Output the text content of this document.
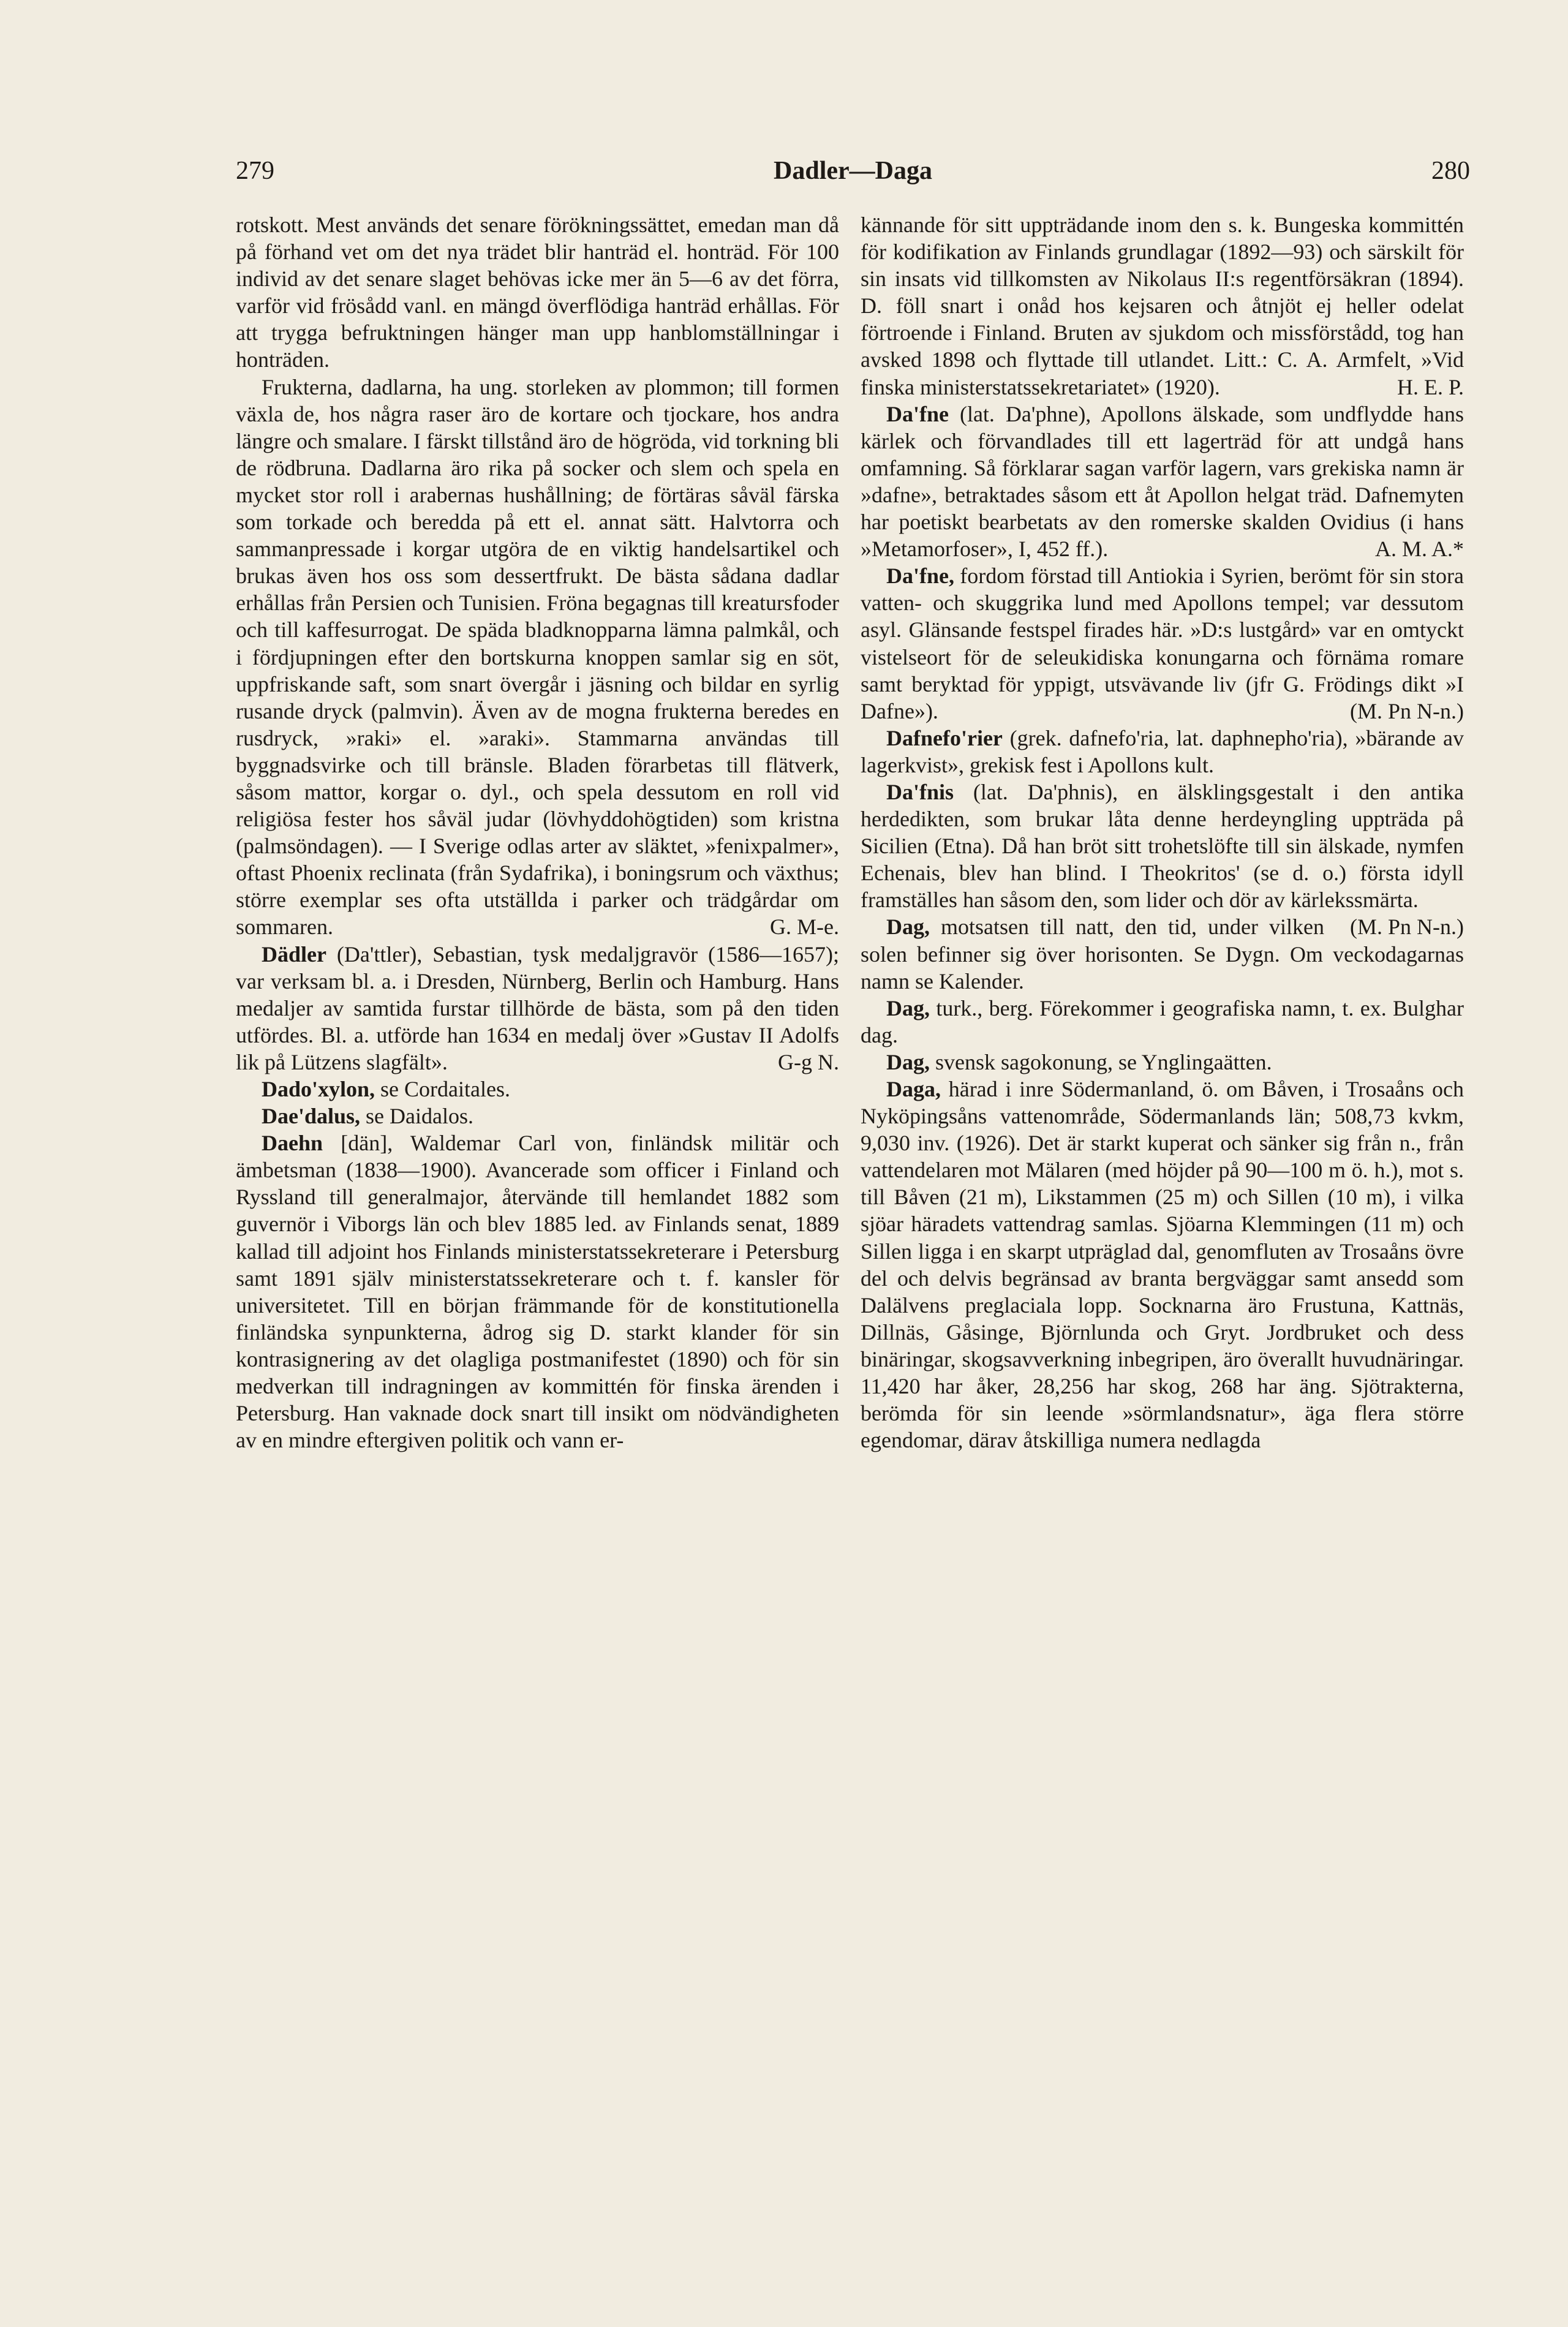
279	Dadler—Daga	280

rotskott. Mest används det senare förökningssättet, emedan man då på förhand vet om det nya trädet blir hanträd el. honträd. För 100 individ av det senare slaget behövas icke mer än 5—6 av det förra, varför vid frösådd vanl. en mängd överflödiga hanträd erhållas. För att trygga befruktningen hänger man upp hanblomställningar i honträden.

Frukterna, dadlarna, ha ung. storleken av plommon; till formen växla de, hos några raser äro de kortare och tjockare, hos andra längre och smalare. I färskt tillstånd äro de högröda, vid torkning bli de rödbruna. Dadlarna äro rika på socker och slem och spela en mycket stor roll i arabernas hushållning; de förtäras såväl färska som torkade och beredda på ett el. annat sätt. Halvtorra och sammanpressade i korgar utgöra de en viktig handelsartikel och brukas även hos oss som dessertfrukt. De bästa sådana dadlar erhållas från Persien och Tunisien. Fröna begagnas till kreatursfoder och till kaffesurrogat. De späda bladknopparna lämna palmkål, och i fördjupningen efter den bortskurna knoppen samlar sig en söt, uppfriskande saft, som snart övergår i jäsning och bildar en syrlig rusande dryck (palmvin). Även av de mogna frukterna beredes en rusdryck, »raki» el. »araki». Stammarna användas till byggnadsvirke och till bränsle. Bladen förarbetas till flätverk, såsom mattor, korgar o. dyl., och spela dessutom en roll vid religiösa fester hos såväl judar (lövhyddohögtiden) som kristna (palmsöndagen). — I Sverige odlas arter av släktet, »fenixpalmer», oftast Phoenix reclinata (från Sydafrika), i boningsrum och växthus; större exemplar ses ofta utställda i parker och trädgårdar om sommaren.	G. M-e.

Dädler (Da'ttler), Sebastian, tysk medaljgravör (1586—1657); var verksam bl. a. i Dresden, Nürnberg, Berlin och Hamburg. Hans medaljer av samtida furstar tillhörde de bästa, som på den tiden utfördes. Bl. a. utförde han 1634 en medalj över »Gustav II Adolfs lik på Lützens slagfält».	G-g N.

Dado'xylon, se Cordaitales.

Dae'dalus, se Daidalos.

Daehn [dän], Waldemar Carl von, finländsk militär och ämbetsman (1838—1900). Avancerade som officer i Finland och Ryssland till generalmajor, återvände till hemlandet 1882 som guvernör i Viborgs län och blev 1885 led. av Finlands senat, 1889 kallad till adjoint hos Finlands ministerstatssekreterare i Petersburg samt 1891 själv ministerstatssekreterare och t. f. kansler för universitetet. Till en början främmande för de konstitutionella finländska synpunkterna, ådrog sig D. starkt klander för sin kontrasignering av det olagliga postmanifestet (1890) och för sin medverkan till indragningen av kommittén för finska ärenden i Petersburg. Han vaknade dock snart till insikt om nödvändigheten av en mindre eftergiven politik och vann er-

kännande för sitt uppträdande inom den s. k. Bungeska kommittén för kodifikation av Finlands grundlagar (1892—93) och särskilt för sin insats vid tillkomsten av Nikolaus II:s regentförsäkran (1894). D. föll snart i onåd hos kejsaren och åtnjöt ej heller odelat förtroende i Finland. Bruten av sjukdom och missförstådd, tog han avsked 1898 och flyttade till utlandet. Litt.: C. A. Armfelt, »Vid finska ministerstatssekretariatet» (1920).	H. E. P.

Da'fne (lat. Da'phne), Apollons älskade, som undflydde hans kärlek och förvandlades till ett lagerträd för att undgå hans omfamning. Så förklarar sagan varför lagern, vars grekiska namn är »dafne», betraktades såsom ett åt Apollon helgat träd. Dafnemyten har poetiskt bearbetats av den romerske skalden Ovidius (i hans »Metamorfoser», I, 452 ff.).	A. M. A.*

Da'fne, fordom förstad till Antiokia i Syrien, berömt för sin stora vatten- och skuggrika lund med Apollons tempel; var dessutom asyl. Glänsande festspel firades här. »D:s lustgård» var en omtyckt vistelseort för de seleukidiska konungarna och förnäma romare samt beryktad för yppigt, utsvävande liv (jfr G. Frödings dikt »I Dafne»).	(M. Pn N-n.)

Dafnefo'rier (grek. dafnefo'ria, lat. daphnepho'ria), »bärande av lagerkvist», grekisk fest i Apollons kult.

Da'fnis (lat. Da'phnis), en älsklingsgestalt i den antika herdedikten, som brukar låta denne herdeyngling uppträda på Sicilien (Etna). Då han bröt sitt trohetslöfte till sin älskade, nymfen Echenais, blev han blind. I Theokritos' (se d. o.) första idyll framställes han såsom den, som lider och dör av kärlekssmärta.
(M. Pn N-n.)

Dag, motsatsen till natt, den tid, under vilken solen befinner sig över horisonten. Se Dygn. Om veckodagarnas namn se Kalender.

Dag, turk., berg. Förekommer i geografiska namn, t. ex. Bulghar dag.

Dag, svensk sagokonung, se Ynglingaätten.

Daga, härad i inre Södermanland, ö. om Båven, i Trosaåns och Nyköpingsåns vattenområde, Södermanlands län; 508,73 kvkm, 9,030 inv. (1926). Det är starkt kuperat och sänker sig från n., från vattendelaren mot Mälaren (med höjder på 90—100 m ö. h.), mot s. till Båven (21 m), Likstammen (25 m) och Sillen (10 m), i vilka sjöar häradets vattendrag samlas. Sjöarna Klemmingen (11 m) och Sillen ligga i en skarpt utpräglad dal, genomfluten av Trosaåns övre del och delvis begränsad av branta bergväggar samt ansedd som Dalälvens preglaciala lopp. Socknarna äro Frustuna, Kattnäs, Dillnäs, Gåsinge, Björnlunda och Gryt. Jordbruket och dess binäringar, skogsavverkning inbegripen, äro överallt huvudnäringar. 11,420 har åker, 28,256 har skog, 268 har äng. Sjötrakterna, berömda för sin leende »sörmlandsnatur», äga flera större egendomar, därav åtskilliga numera nedlagda
